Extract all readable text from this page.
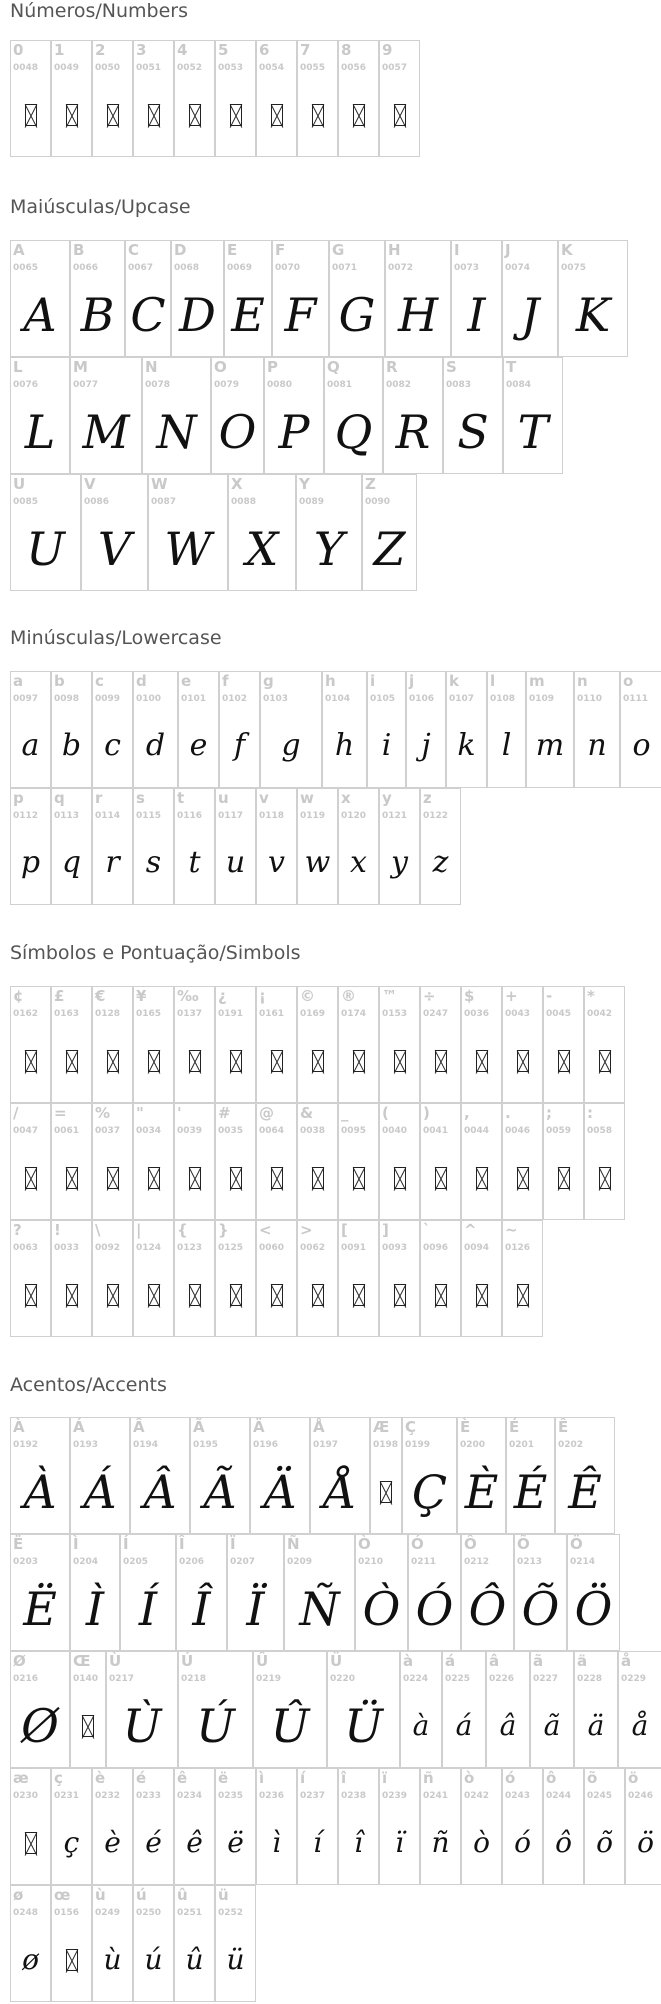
Números/Numbers
0
0048
1
0049
2
0050
3
0051
4
0052
5
0053
6
0054
7
0055
8
0056
9
0057
Maiúsculas/Upcase
A
0065
A
B
0066
B
C
0067
C
D
0068
D
E
0069
E
F
0070
F
G
0071
G
H
0072
H
I
0073
I
J
0074
J
K
0075
K
L
0076
L
M
0077
M
N
0078
N
O
0079
O
P
0080
P
Q
0081
Q
R
0082
R
S
0083
S
T
0084
T
U
0085
U
V
0086
V
W
0087
W
X
0088
X
Y
0089
Y
Z
0090
Z
Minúsculas/Lowercase
a
0097
a
b
0098
b
c
0099
c
d
0100
d
e
0101
e
f
0102
f
g
0103
g
h
0104
h
i
0105
i
j
0106
j
k
0107
k
l
0108
l
m
0109
m
n
0110
n
o
0111
o
p
0112
p
q
0113
q
r
0114
r
s
0115
s
t
0116
t
u
0117
u
v
0118
v
w
0119
w
x
0120
x
y
0121
y
z
0122
z
Símbolos e Pontuação/Simbols
¢
0162
£
0163
€
0128
¥
0165
‰
0137
¿
0191
¡
0161
©
0169
®
0174
™
0153
÷
0247
$
0036
+
0043
-
0045
*
0042
/
0047
=
0061
%
0037
"
0034
'
0039
#
0035
@
0064
&
0038
_
0095
(
0040
)
0041
,
0044
.
0046
;
0059
:
0058
?
0063
!
0033
\
0092
|
0124
{
0123
}
0125
<
0060
>
0062
[
0091
]
0093
`
0096
^
0094
~
0126
Acentos/Accents
À
0192
À
Á
0193
Á
Â
0194
Â
Ã
0195
Ã
Ä
0196
Ä
Å
0197
Å
Æ
0198
Ç
0199
Ç
È
0200
È
É
0201
É
Ê
0202
Ê
Ë
0203
Ë
Ì
0204
Ì
Í
0205
Í
Î
0206
Î
Ï
0207
Ï
Ñ
0209
Ñ
Ò
0210
Ò
Ó
0211
Ó
Ô
0212
Ô
Õ
0213
Õ
Ö
0214
Ö
Ø
0216
Ø
Œ
0140
Ù
0217
Ù
Ú
0218
Ú
Û
0219
Û
Ü
0220
Ü
à
0224
à
á
0225
á
â
0226
â
ã
0227
ã
ä
0228
ä
å
0229
å
æ
0230
ç
0231
ç
è
0232
è
é
0233
é
ê
0234
ê
ë
0235
ë
ì
0236
ì
í
0237
í
î
0238
î
ï
0239
ï
ñ
0241
ñ
ò
0242
ò
ó
0243
ó
ô
0244
ô
õ
0245
õ
ö
0246
ö
ø
0248
ø
œ
0156
ù
0249
ù
ú
0250
ú
û
0251
û
ü
0252
ü
